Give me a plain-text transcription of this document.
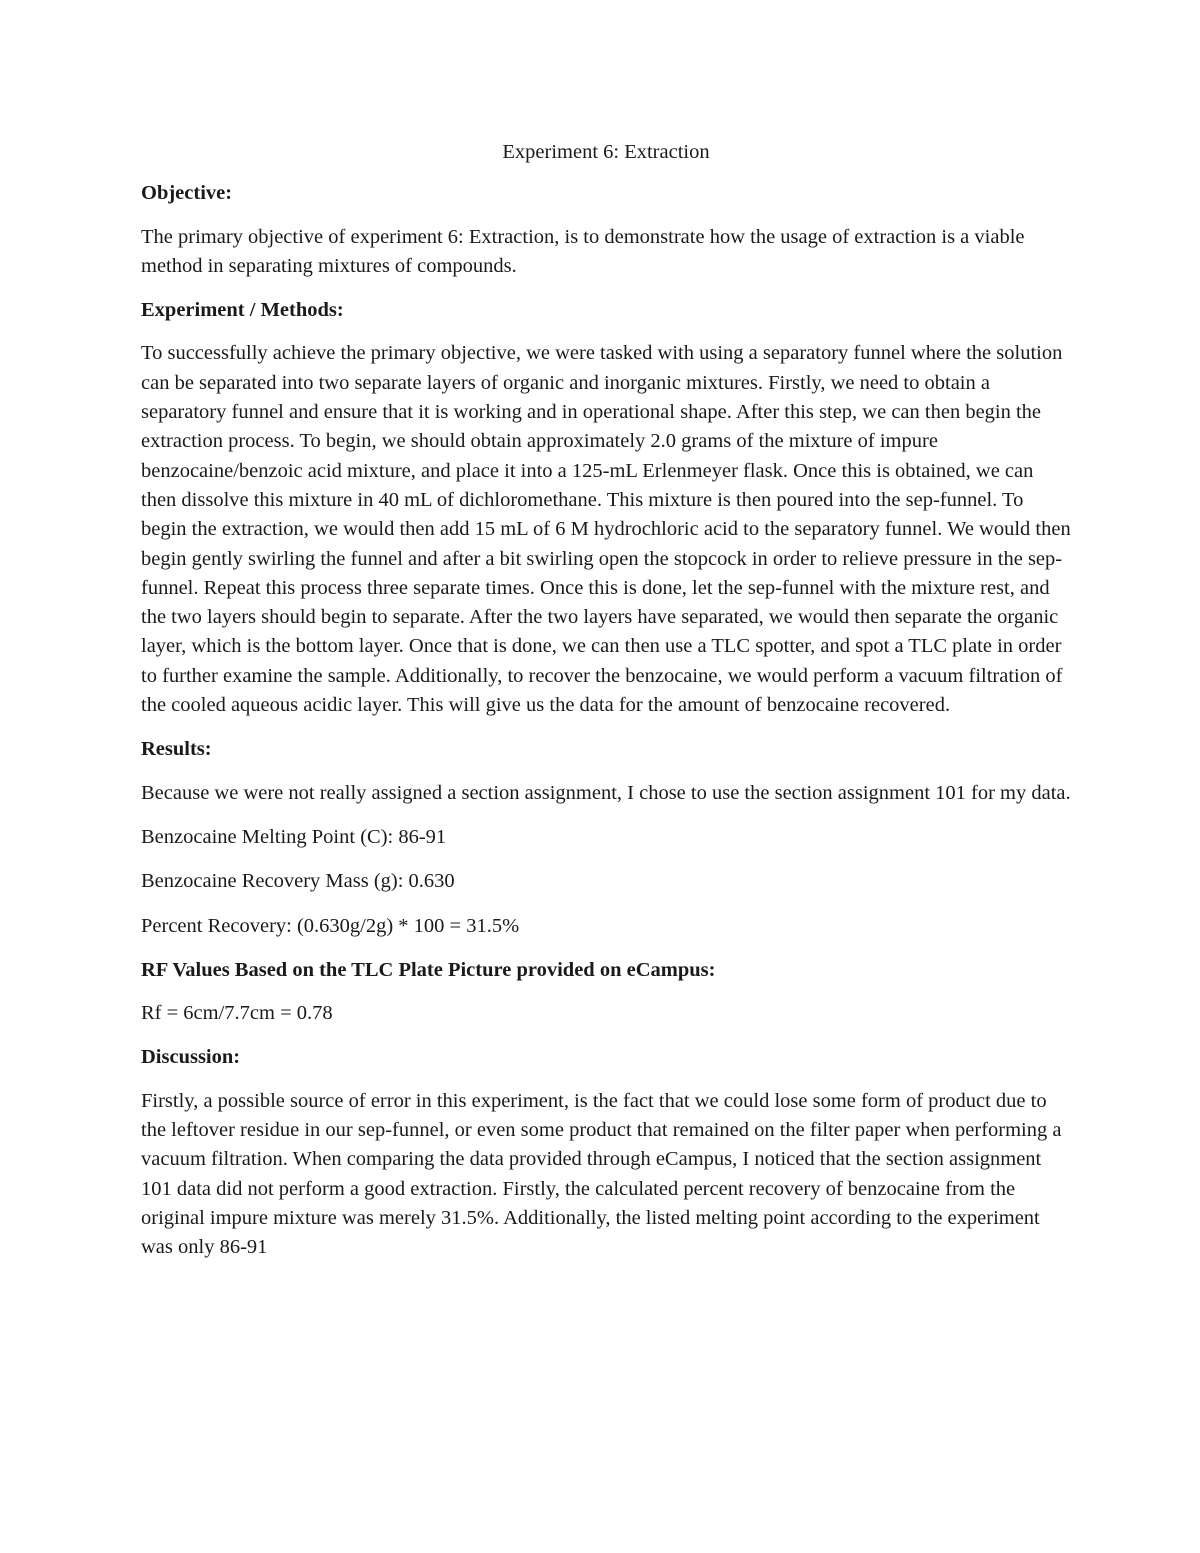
Experiment 6: Extraction
Objective:
The primary objective of experiment 6: Extraction, is to demonstrate how the usage of extraction is a viable method in separating mixtures of compounds.
Experiment / Methods:
To successfully achieve the primary objective, we were tasked with using a separatory funnel where the solution can be separated into two separate layers of organic and inorganic mixtures. Firstly, we need to obtain a separatory funnel and ensure that it is working and in operational shape. After this step, we can then begin the extraction process. To begin, we should obtain approximately 2.0 grams of the mixture of impure benzocaine/benzoic acid mixture, and place it into a 125-mL Erlenmeyer flask. Once this is obtained, we can then dissolve this mixture in 40 mL of dichloromethane. This mixture is then poured into the sep-funnel. To begin the extraction, we would then add 15 mL of 6 M hydrochloric acid to the separatory funnel. We would then begin gently swirling the funnel and after a bit swirling open the stopcock in order to relieve pressure in the sep-funnel. Repeat this process three separate times. Once this is done, let the sep-funnel with the mixture rest, and the two layers should begin to separate. After the two layers have separated, we would then separate the organic layer, which is the bottom layer. Once that is done, we can then use a TLC spotter, and spot a TLC plate in order to further examine the sample. Additionally, to recover the benzocaine, we would perform a vacuum filtration of the cooled aqueous acidic layer. This will give us the data for the amount of benzocaine recovered.
Results:
Because we were not really assigned a section assignment, I chose to use the section assignment 101 for my data.
Benzocaine Melting Point (C): 86-91
Benzocaine Recovery Mass (g): 0.630
Percent Recovery: (0.630g/2g) * 100 = 31.5%
RF Values Based on the TLC Plate Picture provided on eCampus:
Rf = 6cm/7.7cm = 0.78
Discussion:
Firstly, a possible source of error in this experiment, is the fact that we could lose some form of product due to the leftover residue in our sep-funnel, or even some product that remained on the filter paper when performing a vacuum filtration. When comparing the data provided through eCampus, I noticed that the section assignment 101 data did not perform a good extraction. Firstly, the calculated percent recovery of benzocaine from the original impure mixture was merely 31.5%. Additionally, the listed melting point according to the experiment was only 86-91
